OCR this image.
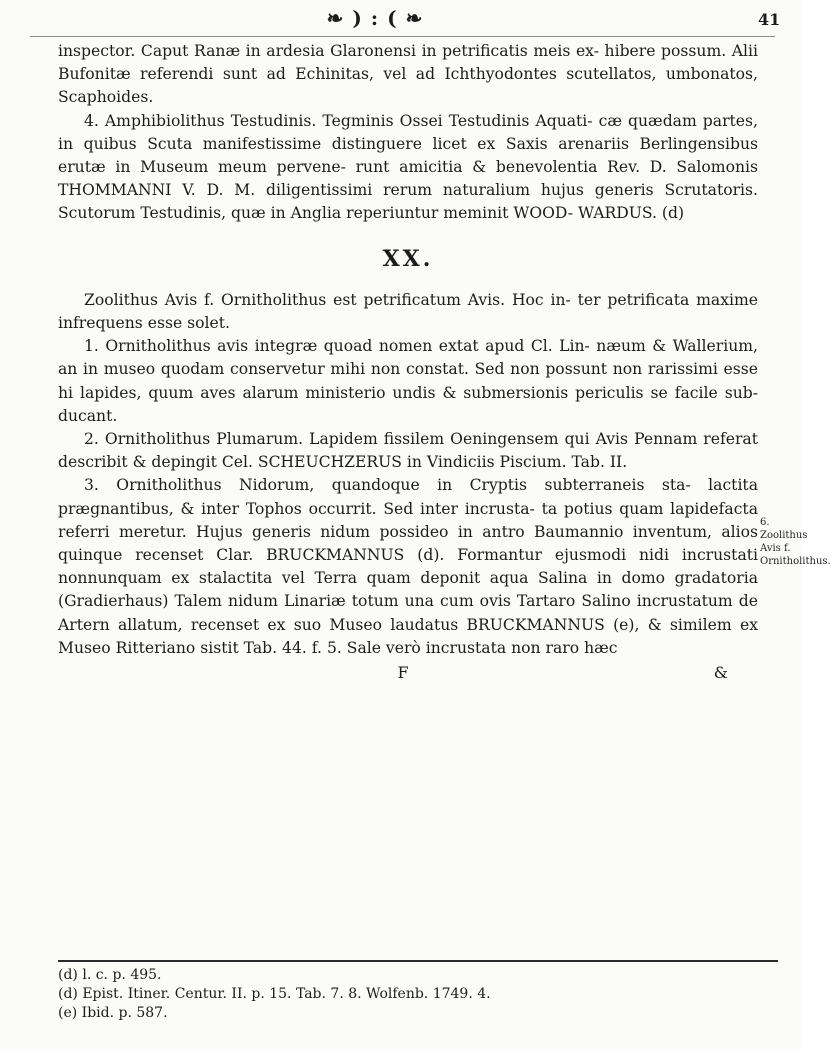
❧ ) : ( ❧	41

inspector. Caput Ranæ in ardesia Glaronensi in petrificatis meis ex- hibere possum. Alii Bufonitæ referendi sunt ad Echinitas, vel ad Ichthyodontes scutellatos, umbonatos, Scaphoides.

4. Amphibiolithus Testudinis. Tegminis Ossei Testudinis Aquati- cæ quædam partes, in quibus Scuta manifestissime distinguere licet ex Saxis arenariis Berlingensibus erutæ in Museum meum pervene- runt amicitia & benevolentia Rev. D. Salomonis THOMMANNI V. D. M. diligentissimi rerum naturalium hujus generis Scrutatoris. Scutorum Testudinis, quæ in Anglia reperiuntur meminit WOOD- WARDUS. (d)

XX.

Zoolithus Avis f. Ornitholithus est petrificatum Avis. Hoc in- ter petrificata maxime infrequens esse solet.

1. Ornitholithus avis integræ quoad nomen extat apud Cl. Lin- næum & Wallerium, an in museo quodam conservetur mihi non constat. Sed non possunt non rarissimi esse hi lapides, quum aves alarum ministerio undis & submersionis periculis se facile sub- ducant.

2. Ornitholithus Plumarum. Lapidem fissilem Oeningensem qui Avis Pennam referat describit & depingit Cel. SCHEUCHZERUS in Vindiciis Piscium. Tab. II.

3. Ornitholithus Nidorum, quandoque in Cryptis subterraneis sta- lactita prægnantibus, & inter Tophos occurrit. Sed inter incrusta- ta potius quam lapidefacta referri meretur. Hujus generis nidum possideo in antro Baumannio inventum, alios quinque recenset Clar. BRUCKMANNUS (d). Formantur ejusmodi nidi incrustati nonnunquam ex stalactita vel Terra quam deponit aqua Salina in domo gradatoria (Gradierhaus) Talem nidum Linariæ totum una cum ovis Tartaro Salino incrustatum de Artern allatum, recenset ex suo Museo laudatus BRUCKMANNUS (e), & similem ex Museo Ritteriano sistit Tab. 44. f. 5. Sale verò incrustata non raro hæc

F	&
6. Zoolithus Avis f. Ornitholithus.

(d) l. c. p. 495.

(d) Epist. Itiner. Centur. II. p. 15. Tab. 7. 8. Wolfenb. 1749. 4.

(e) Ibid. p. 587.
